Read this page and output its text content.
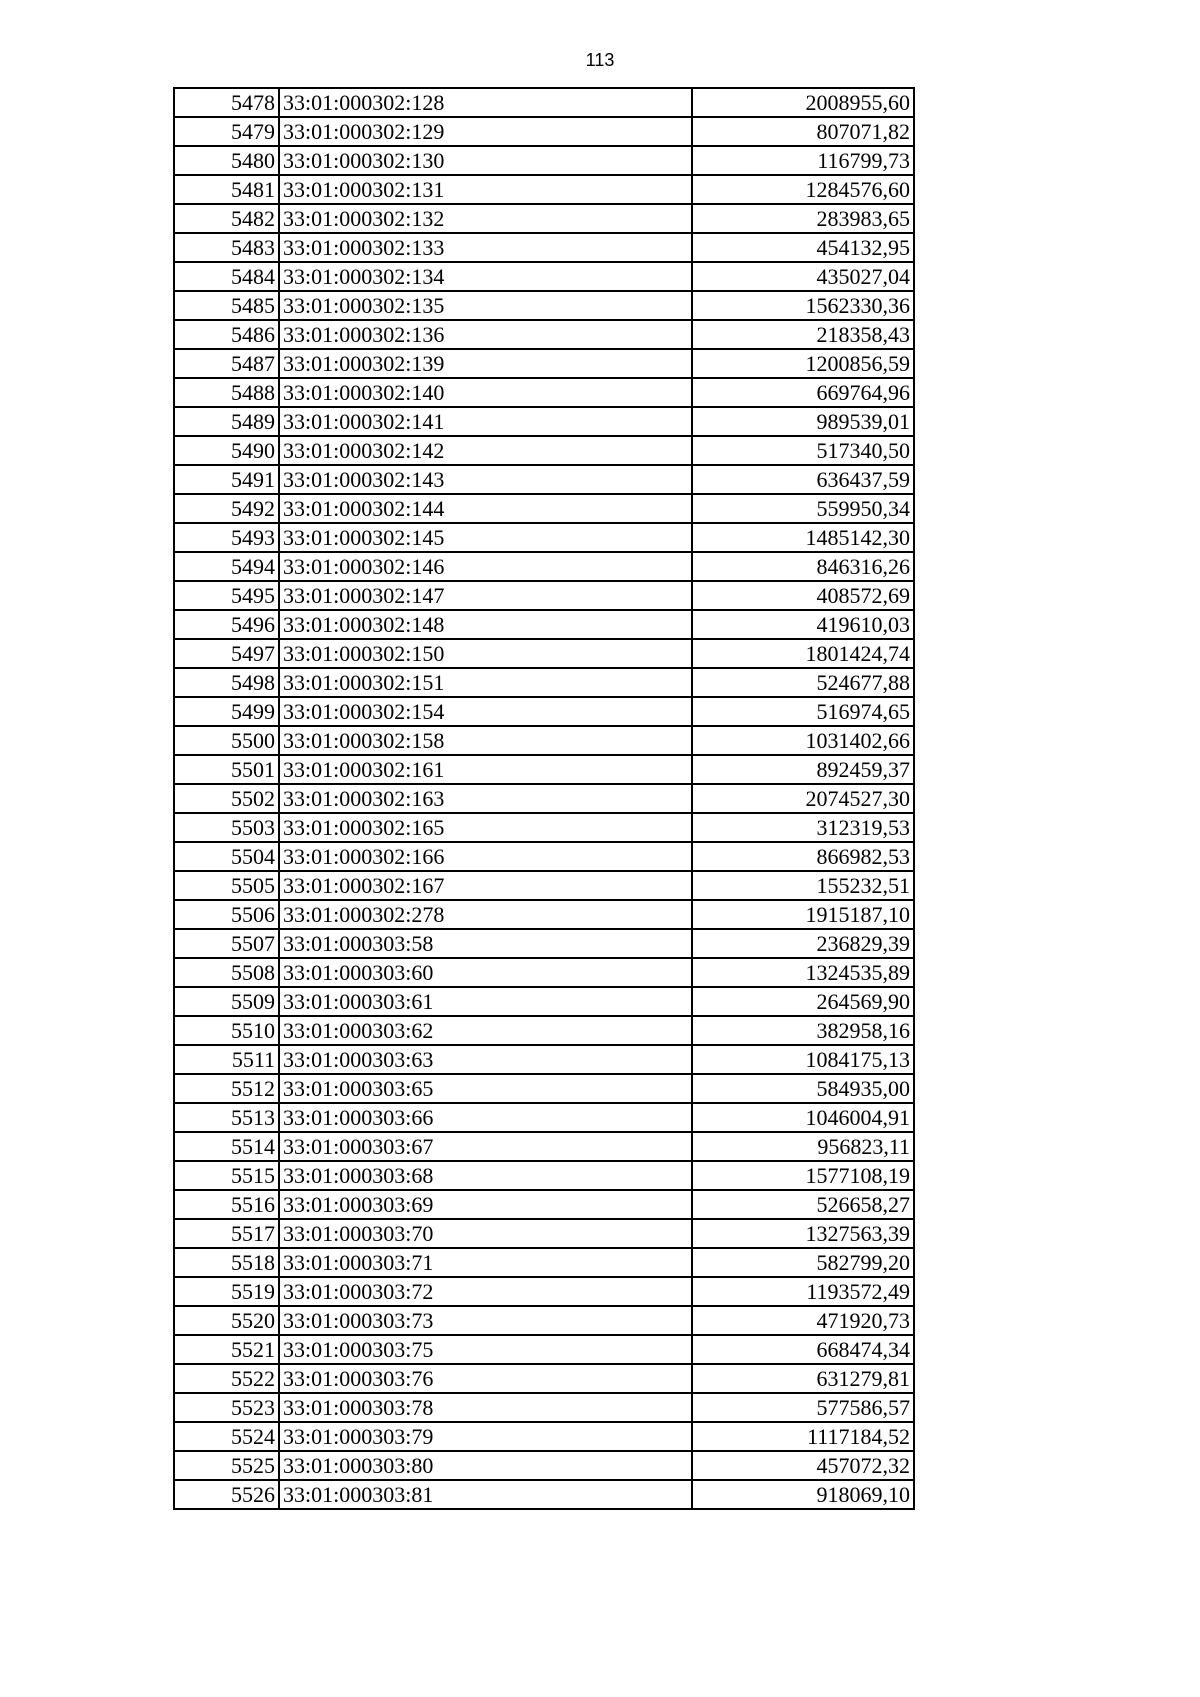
113
5478	33:01:000302:128	2008955,60
5479	33:01:000302:129	807071,82
5480	33:01:000302:130	116799,73
5481	33:01:000302:131	1284576,60
5482	33:01:000302:132	283983,65
5483	33:01:000302:133	454132,95
5484	33:01:000302:134	435027,04
5485	33:01:000302:135	1562330,36
5486	33:01:000302:136	218358,43
5487	33:01:000302:139	1200856,59
5488	33:01:000302:140	669764,96
5489	33:01:000302:141	989539,01
5490	33:01:000302:142	517340,50
5491	33:01:000302:143	636437,59
5492	33:01:000302:144	559950,34
5493	33:01:000302:145	1485142,30
5494	33:01:000302:146	846316,26
5495	33:01:000302:147	408572,69
5496	33:01:000302:148	419610,03
5497	33:01:000302:150	1801424,74
5498	33:01:000302:151	524677,88
5499	33:01:000302:154	516974,65
5500	33:01:000302:158	1031402,66
5501	33:01:000302:161	892459,37
5502	33:01:000302:163	2074527,30
5503	33:01:000302:165	312319,53
5504	33:01:000302:166	866982,53
5505	33:01:000302:167	155232,51
5506	33:01:000302:278	1915187,10
5507	33:01:000303:58	236829,39
5508	33:01:000303:60	1324535,89
5509	33:01:000303:61	264569,90
5510	33:01:000303:62	382958,16
5511	33:01:000303:63	1084175,13
5512	33:01:000303:65	584935,00
5513	33:01:000303:66	1046004,91
5514	33:01:000303:67	956823,11
5515	33:01:000303:68	1577108,19
5516	33:01:000303:69	526658,27
5517	33:01:000303:70	1327563,39
5518	33:01:000303:71	582799,20
5519	33:01:000303:72	1193572,49
5520	33:01:000303:73	471920,73
5521	33:01:000303:75	668474,34
5522	33:01:000303:76	631279,81
5523	33:01:000303:78	577586,57
5524	33:01:000303:79	1117184,52
5525	33:01:000303:80	457072,32
5526	33:01:000303:81	918069,10
